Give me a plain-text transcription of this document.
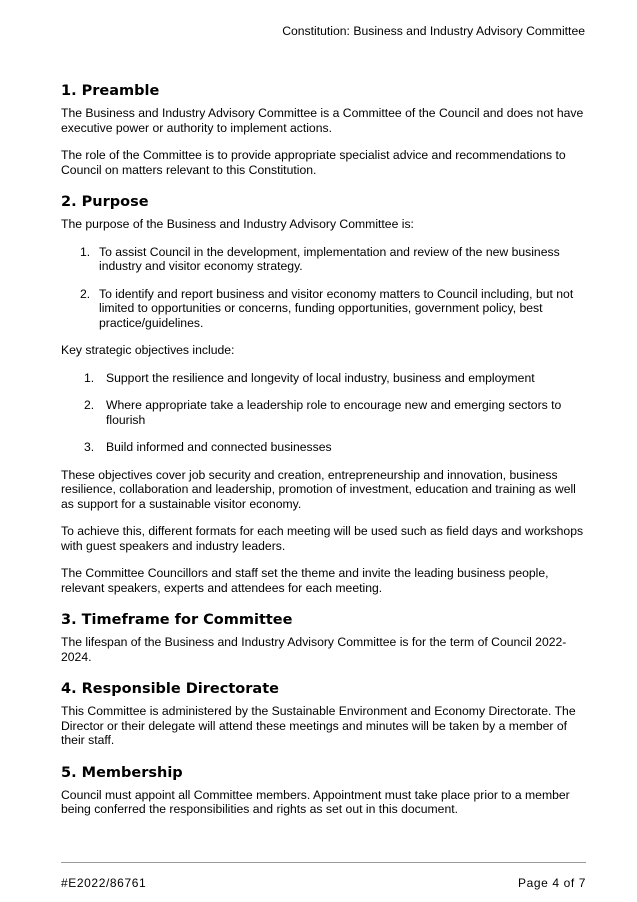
Constitution: Business and Industry Advisory Committee
1. Preamble

The Business and Industry Advisory Committee is a Committee of the Council and does not have executive power or authority to implement actions.

The role of the Committee is to provide appropriate specialist advice and recommendations to Council on matters relevant to this Constitution.

2. Purpose

The purpose of the Business and Industry Advisory Committee is:

1. To assist Council in the development, implementation and review of the new business industry and visitor economy strategy.
2. To identify and report business and visitor economy matters to Council including, but not limited to opportunities or concerns, funding opportunities, government policy, best practice/guidelines.

Key strategic objectives include:

1. Support the resilience and longevity of local industry, business and employment
2. Where appropriate take a leadership role to encourage new and emerging sectors to flourish
3. Build informed and connected businesses

These objectives cover job security and creation, entrepreneurship and innovation, business resilience, collaboration and leadership, promotion of investment, education and training as well as support for a sustainable visitor economy.

To achieve this, different formats for each meeting will be used such as field days and workshops with guest speakers and industry leaders.

The Committee Councillors and staff set the theme and invite the leading business people, relevant speakers, experts and attendees for each meeting.

3. Timeframe for Committee

The lifespan of the Business and Industry Advisory Committee is for the term of Council 2022-2024.

4. Responsible Directorate

This Committee is administered by the Sustainable Environment and Economy Directorate. The Director or their delegate will attend these meetings and minutes will be taken by a member of their staff.

5. Membership

Council must appoint all Committee members. Appointment must take place prior to a member being conferred the responsibilities and rights as set out in this document.

#E2022/86761	Page 4 of 7
